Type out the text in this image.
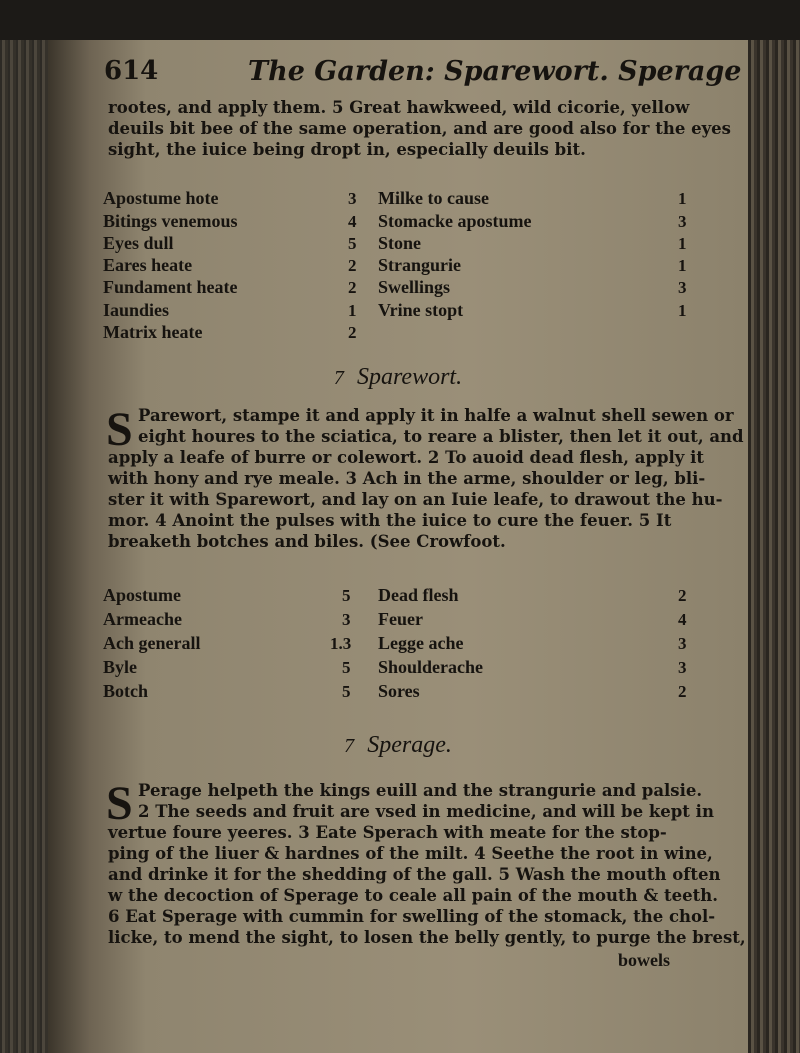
614	The Garden: Sparewort. Sperage
rootes, and apply them. 5 Great hawkweed, wild cicorie, yellow
deuils bit bee of the same operation, and are good also for the eyes
sight, the iuice being dropt in, especially deuils bit.
Apostume hote	3 Milke to cause	1
Bitings venemous	4 Stomacke apostume	3
Eyes dull	5 Stone	1
Eares heate	2 Strangurie	1
Fundament heate	2 Swellings	3
Iaundies	1 Vrine stopt	1
Matrix heate	2
7 Sparewort.
S Parewort, stampe it and apply it in halfe a walnut shell sewen or
eight houres to the sciatica, to reare a blister, then let it out, and
apply a leafe of burre or colewort. 2 To auoid dead flesh, apply it
with hony and rye meale. 3 Ach in the arme, shoulder or leg, bli-
ster it with Sparewort, and lay on an Iuie leafe, to drawout the hu-
mor. 4 Anoint the pulses with the iuice to cure the feuer. 5 It
breaketh botches and biles. (See Crowfoot.
Apostume	5 Dead flesh	2
Armeache	3 Feuer	4
Ach generall	1.3 Legge ache	3
Byle	5 Shoulderache	3
Botch	5 Sores	2
7 Sperage.
S Perage helpeth the kings euill and the strangurie and palsie.
2 The seeds and fruit are vsed in medicine, and will be kept in
vertue foure yeeres. 3 Eate Sperach with meate for the stop-
ping of the liuer & hardnes of the milt. 4 Seethe the root in wine,
and drinke it for the shedding of the gall. 5 Wash the mouth often
w the decoction of Sperage to ceale all pain of the mouth & teeth.
6 Eat Sperage with cummin for swelling of the stomack, the chol-
licke, to mend the sight, to losen the belly gently, to purge the brest,
bowels
